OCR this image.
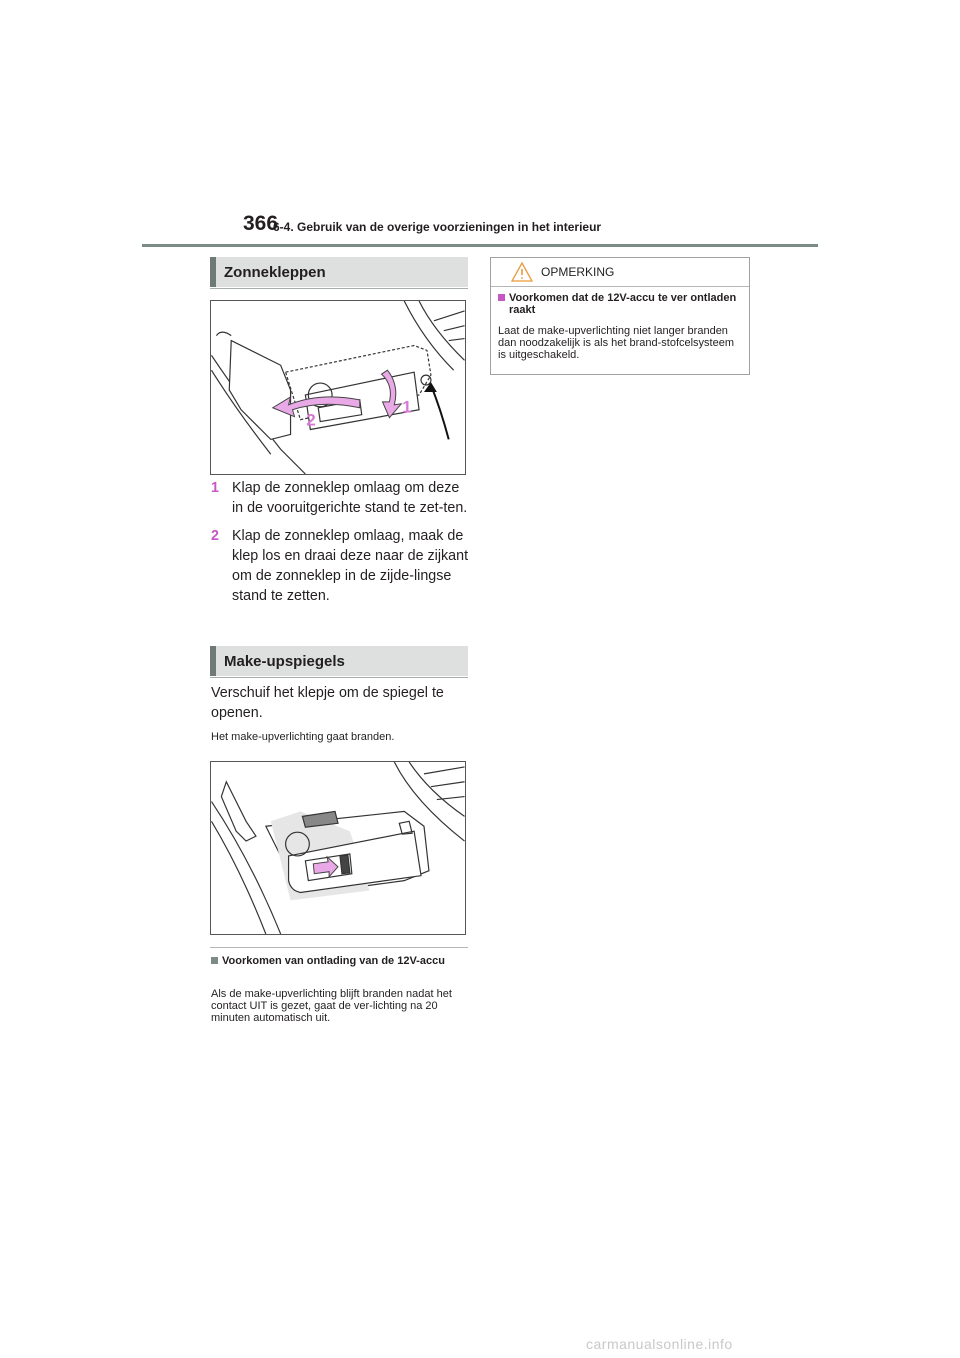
366
6-4. Gebruik van de overige voorzieningen in het interieur
Zonnekleppen
1
2
1 Klap de zonneklep omlaag om deze in de vooruitgerichte stand te zet-ten.
2 Klap de zonneklep omlaag, maak de klep los en draai deze naar de zijkant om de zonneklep in de zijde-lingse stand te zetten.
Make-upspiegels
Verschuif het klepje om de spiegel te openen.
Het make-upverlichting gaat branden.
Voorkomen van ontlading van de 12V-accu
Als de make-upverlichting blijft branden nadat het contact UIT is gezet, gaat de ver-lichting na 20 minuten automatisch uit.
OPMERKING
Voorkomen dat de 12V-accu te ver ontladen raakt
Laat de make-upverlichting niet langer branden dan noodzakelijk is als het brand-stofcelsysteem is uitgeschakeld.
carmanualsonline.info
